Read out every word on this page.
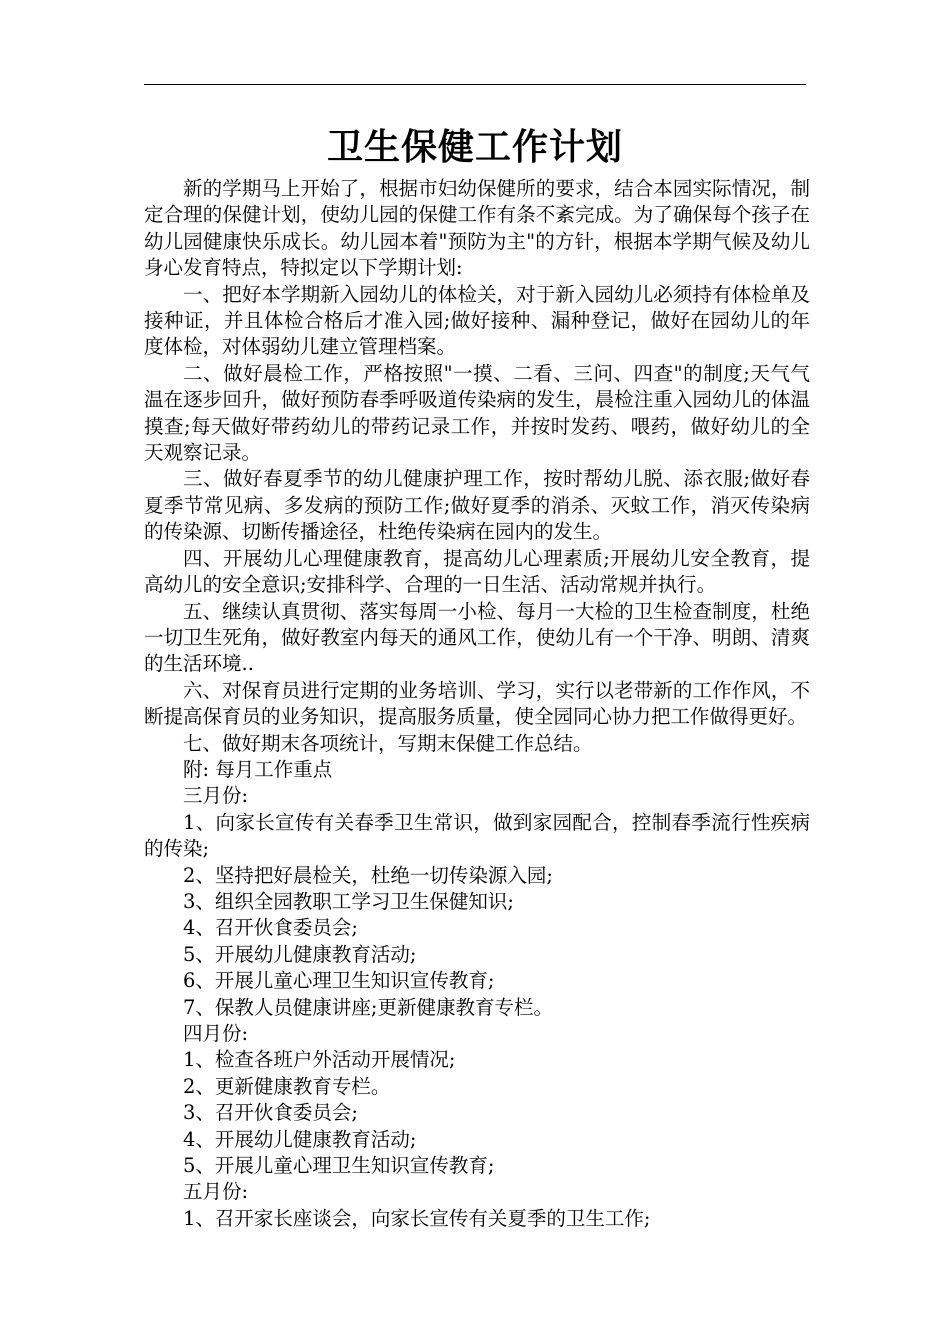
卫生保健工作计划

新的学期马上开始了，根据市妇幼保健所的要求，结合本园实际情况，制定合理的保健计划，使幼儿园的保健工作有条不紊完成。为了确保每个孩子在幼儿园健康快乐成长。幼儿园本着"预防为主"的方针，根据本学期气候及幼儿身心发育特点，特拟定以下学期计划:

一、把好本学期新入园幼儿的体检关，对于新入园幼儿必须持有体检单及接种证，并且体检合格后才准入园;做好接种、漏种登记，做好在园幼儿的年度体检，对体弱幼儿建立管理档案。

二、做好晨检工作，严格按照"一摸、二看、三问、四查"的制度;天气气温在逐步回升，做好预防春季呼吸道传染病的发生，晨检注重入园幼儿的体温摸查;每天做好带药幼儿的带药记录工作，并按时发药、喂药，做好幼儿的全天观察记录。

三、做好春夏季节的幼儿健康护理工作，按时帮幼儿脱、添衣服;做好春夏季节常见病、多发病的预防工作;做好夏季的消杀、灭蚊工作，消灭传染病的传染源、切断传播途径，杜绝传染病在园内的发生。

四、开展幼儿心理健康教育，提高幼儿心理素质;开展幼儿安全教育，提高幼儿的安全意识;安排科学、合理的一日生活、活动常规并执行。

五、继续认真贯彻、落实每周一小检、每月一大检的卫生检查制度，杜绝一切卫生死角，做好教室内每天的通风工作，使幼儿有一个干净、明朗、清爽的生活环境..

六、对保育员进行定期的业务培训、学习，实行以老带新的工作作风，不断提高保育员的业务知识，提高服务质量，使全园同心协力把工作做得更好。

七、做好期末各项统计，写期末保健工作总结。

附: 每月工作重点

三月份:

1、向家长宣传有关春季卫生常识，做到家园配合，控制春季流行性疾病的传染;

2、坚持把好晨检关，杜绝一切传染源入园;

3、组织全园教职工学习卫生保健知识;

4、召开伙食委员会;

5、开展幼儿健康教育活动;

6、开展儿童心理卫生知识宣传教育;

7、保教人员健康讲座;更新健康教育专栏。

四月份:

1、检查各班户外活动开展情况;

2、更新健康教育专栏。

3、召开伙食委员会;

4、开展幼儿健康教育活动;

5、开展儿童心理卫生知识宣传教育;

五月份:

1、召开家长座谈会，向家长宣传有关夏季的卫生工作;
